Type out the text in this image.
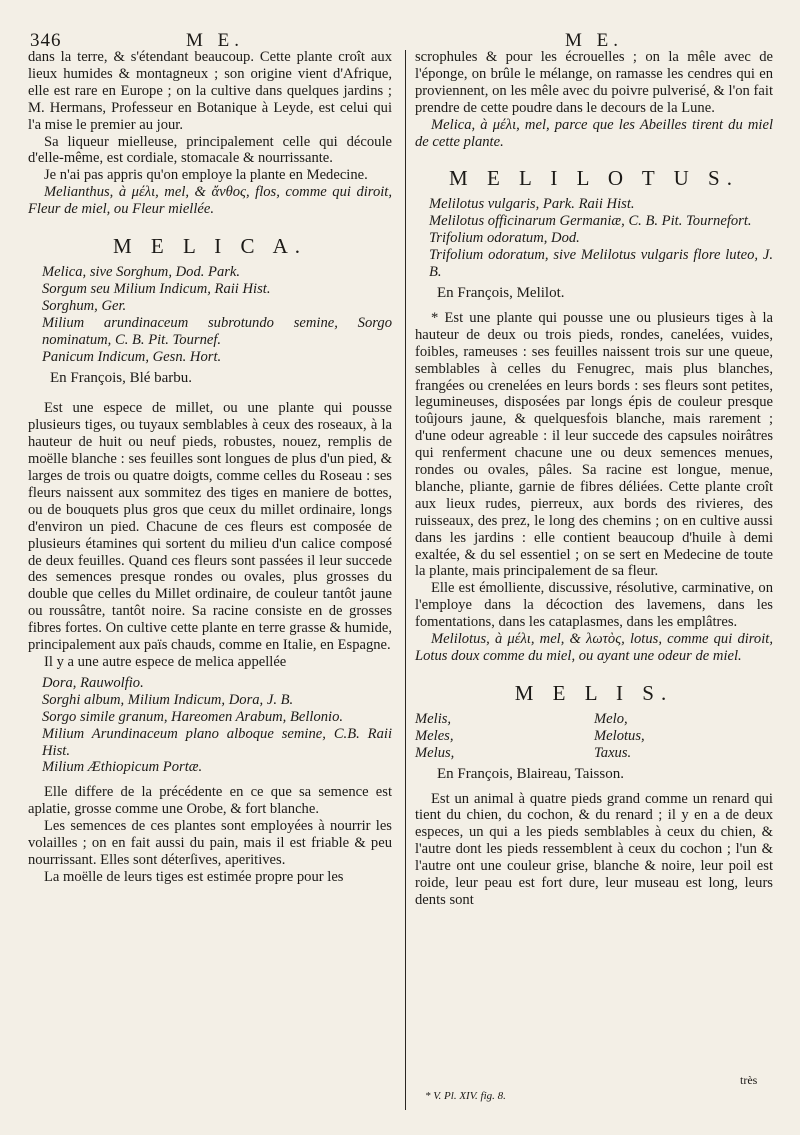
346	M E.	M E.

dans la terre, & s'étendant beaucoup. Cette plante croît aux lieux humides & montagneux ; son origine vient d'Afrique, elle est rare en Europe ; on la cultive dans quelques jardins ; M. Hermans, Professeur en Botanique à Leyde, est celui qui l'a mise le premier au jour.

Sa liqueur mielleuse, principalement celle qui découle d'elle-même, est cordiale, stomacale & nourrissante.

Je n'ai pas appris qu'on employe la plante en Medecine.

Melianthus, à μέλι, mel, & ἄνθος, flos, comme qui diroit, Fleur de miel, ou Fleur miellée.

M E L I C A.

Melica, sive Sorghum, Dod. Park.

Sorgum seu Milium Indicum, Raii Hist.

Sorghum, Ger.

Milium arundinaceum subrotundo semine, Sorgo nominatum, C. B. Pit. Tournef.

Panicum Indicum, Gesn. Hort.

En François, Blé barbu.

Est une espece de millet, ou une plante qui pousse plusieurs tiges, ou tuyaux semblables à ceux des roseaux, à la hauteur de huit ou neuf pieds, robustes, nouez, remplis de moëlle blanche : ses feuilles sont longues de plus d'un pied, & larges de trois ou quatre doigts, comme celles du Roseau : ses fleurs naissent aux sommitez des tiges en maniere de bottes, ou de bouquets plus gros que ceux du millet ordinaire, longs d'environ un pied. Chacune de ces fleurs est composée de plusieurs étamines qui sortent du milieu d'un calice composé de deux feuilles. Quand ces fleurs sont passées il leur succede des semences presque rondes ou ovales, plus grosses du double que celles du Millet ordinaire, de couleur tantôt jaune ou roussâtre, tantôt noire. Sa racine consiste en de grosses fibres fortes. On cultive cette plante en terre grasse & humide, principalement aux païs chauds, comme en Italie, en Espagne.

Il y a une autre espece de melica appellée

Dora, Rauwolfio.

Sorghi album, Milium Indicum, Dora, J. B.

Sorgo simile granum, Hareomen Arabum, Bellonio.

Milium Arundinaceum plano alboque semine, C.B. Raii Hist.

Milium Æthiopicum Portæ.

Elle differe de la précédente en ce que sa semence est aplatie, grosse comme une Orobe, & fort blanche.

Les semences de ces plantes sont employées à nourrir les volailles ; on en fait aussi du pain, mais il est friable & peu nourrissant. Elles sont déterſives, aperitives.

La moëlle de leurs tiges est estimée propre pour les

scrophules & pour les écrouelles ; on la mêle avec de l'éponge, on brûle le mélange, on ramasse les cendres qui en proviennent, on les mêle avec du poivre pulverisé, & l'on fait prendre de cette poudre dans le decours de la Lune.

Melica, à μέλι, mel, parce que les Abeilles tirent du miel de cette plante.

M E L I L O T U S.

Melilotus vulgaris, Park. Raii Hist.

Melilotus officinarum Germaniæ, C. B. Pit. Tournefort.

Trifolium odoratum, Dod.

Trifolium odoratum, sive Melilotus vulgaris flore luteo, J. B.

En François, Melilot.

* Est une plante qui pousse une ou plusieurs tiges à la hauteur de deux ou trois pieds, rondes, canelées, vuides, foibles, rameuses : ses feuilles naissent trois sur une queue, semblables à celles du Fenugrec, mais plus blanches, frangées ou crenelées en leurs bords : ses fleurs sont petites, legumineuses, disposées par longs épis de couleur presque toûjours jaune, & quelquesfois blanche, mais rarement ; d'une odeur agreable : il leur succede des capsules noirâtres qui renferment chacune une ou deux semences menues, rondes ou ovales, pâles. Sa racine est longue, menue, blanche, pliante, garnie de fibres déliées. Cette plante croît aux lieux rudes, pierreux, aux bords des rivieres, des ruisseaux, des prez, le long des chemins ; on en cultive aussi dans les jardins : elle contient beaucoup d'huile à demi exaltée, & du sel essentiel ; on se sert en Medecine de toute la plante, mais principalement de sa fleur.

Elle est émolliente, discussive, résolutive, carminative, on l'employe dans la décoction des lavemens, dans les fomentations, dans les cataplasmes, dans les emplâtres.

Melilotus, à μέλι, mel, & λωτὸς, lotus, comme qui diroit, Lotus doux comme du miel, ou ayant une odeur de miel.

M E L I S.

Melis,

Meles,

Melus,

Melo,

Melotus,

Taxus.

En François, Blaireau, Taisson.

Est un animal à quatre pieds grand comme un renard qui tient du chien, du cochon, & du renard ; il y en a de deux especes, un qui a les pieds semblables à ceux du chien, & l'autre dont les pieds ressemblent à ceux du cochon ; l'un & l'autre ont une couleur grise, blanche & noire, leur poil est roide, leur peau est fort dure, leur museau est long, leurs dents sont

très
* V. Pl. XIV. fig. 8.
